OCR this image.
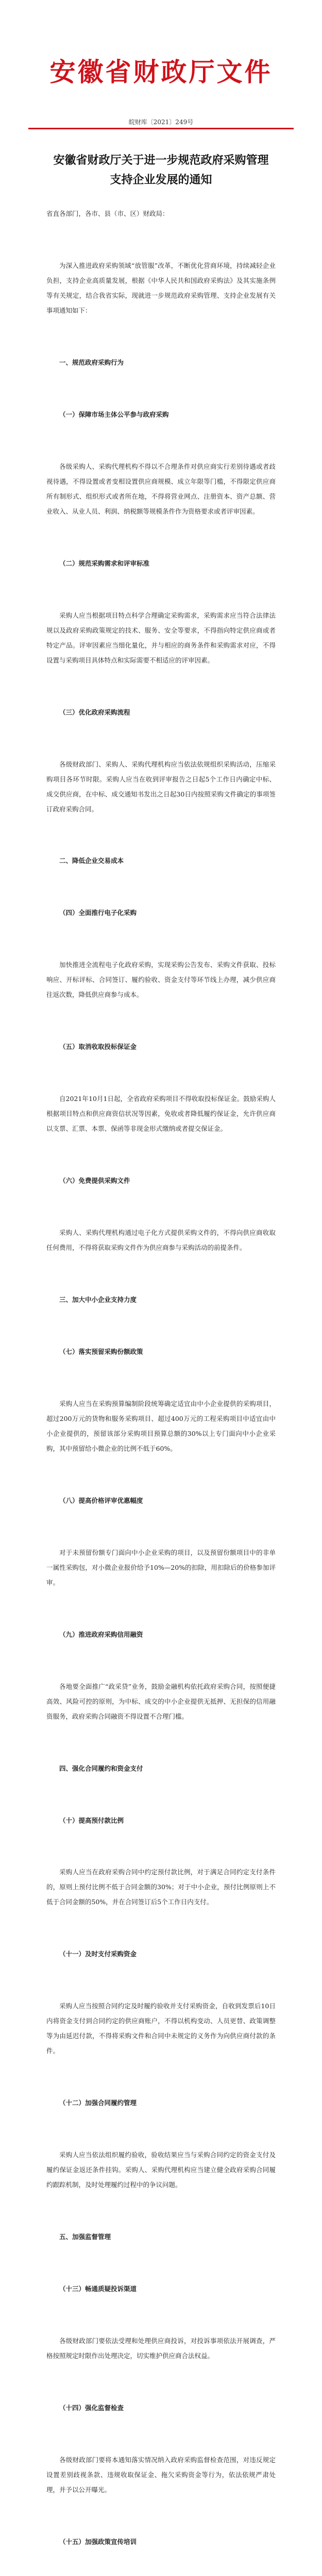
安徽省财政厅文件
皖财库〔2021〕249号
安徽省财政厅关于进一步规范政府采购管理
支持企业发展的通知

省直各部门，各市、县（市、区）财政局：

为深入推进政府采购领域“放管服”改革，不断优化营商环境，持续减轻企业负担，支持企业高质量发展，根据《中华人民共和国政府采购法》及其实施条例等有关规定，结合我省实际，现就进一步规范政府采购管理、支持企业发展有关事项通知如下：

一、规范政府采购行为
（一）保障市场主体公平参与政府采购

各级采购人、采购代理机构不得以不合理条件对供应商实行差别待遇或者歧视待遇，不得设置或者变相设置供应商规模、成立年限等门槛，不得限定供应商所有制形式、组织形式或者所在地，不得将营业网点、注册资本、资产总额、营业收入、从业人员、利润、纳税额等规模条件作为资格要求或者评审因素。

（二）规范采购需求和评审标准

采购人应当根据项目特点科学合理确定采购需求，采购需求应当符合法律法规以及政府采购政策规定的技术、服务、安全等要求，不得指向特定供应商或者特定产品。评审因素应当细化量化，并与相应的商务条件和采购需求对应，不得设置与采购项目具体特点和实际需要不相适应的评审因素。

（三）优化政府采购流程

各级财政部门、采购人、采购代理机构应当依法依规组织采购活动，压缩采购项目各环节时限。采购人应当在收到评审报告之日起5个工作日内确定中标、成交供应商，在中标、成交通知书发出之日起30日内按照采购文件确定的事项签订政府采购合同。

二、降低企业交易成本
（四）全面推行电子化采购

加快推进全流程电子化政府采购，实现采购公告发布、采购文件获取、投标响应、开标评标、合同签订、履约验收、资金支付等环节线上办理，减少供应商往返次数，降低供应商参与成本。

（五）取消收取投标保证金

自2021年10月1日起，全省政府采购项目不得收取投标保证金。鼓励采购人根据项目特点和供应商资信状况等因素，免收或者降低履约保证金，允许供应商以支票、汇票、本票、保函等非现金形式缴纳或者提交保证金。

（六）免费提供采购文件

采购人、采购代理机构通过电子化方式提供采购文件的，不得向供应商收取任何费用，不得将获取采购文件作为供应商参与采购活动的前提条件。

三、加大中小企业支持力度
（七）落实预留采购份额政策

采购人应当在采购预算编制阶段统筹确定适宜由中小企业提供的采购项目，超过200万元的货物和服务采购项目、超过400万元的工程采购项目中适宜由中小企业提供的，预留该部分采购项目预算总额的30%以上专门面向中小企业采购，其中预留给小微企业的比例不低于60%。

（八）提高价格评审优惠幅度

对于未预留份额专门面向中小企业采购的项目，以及预留份额项目中的非单一属性采购包，对小微企业报价给予10%—20%的扣除，用扣除后的价格参加评审。

（九）推进政府采购信用融资

各地要全面推广“政采贷”业务，鼓励金融机构依托政府采购合同，按照便捷高效、风险可控的原则，为中标、成交的中小企业提供无抵押、无担保的信用融资服务，政府采购合同融资不得设置不合理门槛。

四、强化合同履约和资金支付
（十）提高预付款比例

采购人应当在政府采购合同中约定预付款比例，对于满足合同约定支付条件的，原则上预付比例不低于合同金额的30%；对于中小企业，预付比例原则上不低于合同金额的50%，并在合同签订后5个工作日内支付。

（十一）及时支付采购资金

采购人应当按照合同约定及时履约验收并支付采购资金，自收到发票后10日内将资金支付到合同约定的供应商账户，不得以机构变动、人员更替、政策调整等为由延迟付款，不得将采购文件和合同中未规定的义务作为向供应商付款的条件。

（十二）加强合同履约管理

采购人应当依法组织履约验收，验收结果应当与采购合同约定的资金支付及履约保证金返还条件挂钩。采购人、采购代理机构应当建立健全政府采购合同履约跟踪机制，及时处理履约过程中的争议问题。

五、加强监督管理
（十三）畅通质疑投诉渠道

各级财政部门要依法受理和处理供应商投诉，对投诉事项依法开展调查，严格按照规定时限作出处理决定，切实维护供应商合法权益。

（十四）强化监督检查

各级财政部门要将本通知落实情况纳入政府采购监督检查范围，对违反规定设置差别歧视条款、违规收取保证金、拖欠采购资金等行为，依法依规严肃处理，并予以公开曝光。

（十五）加强政策宣传培训
